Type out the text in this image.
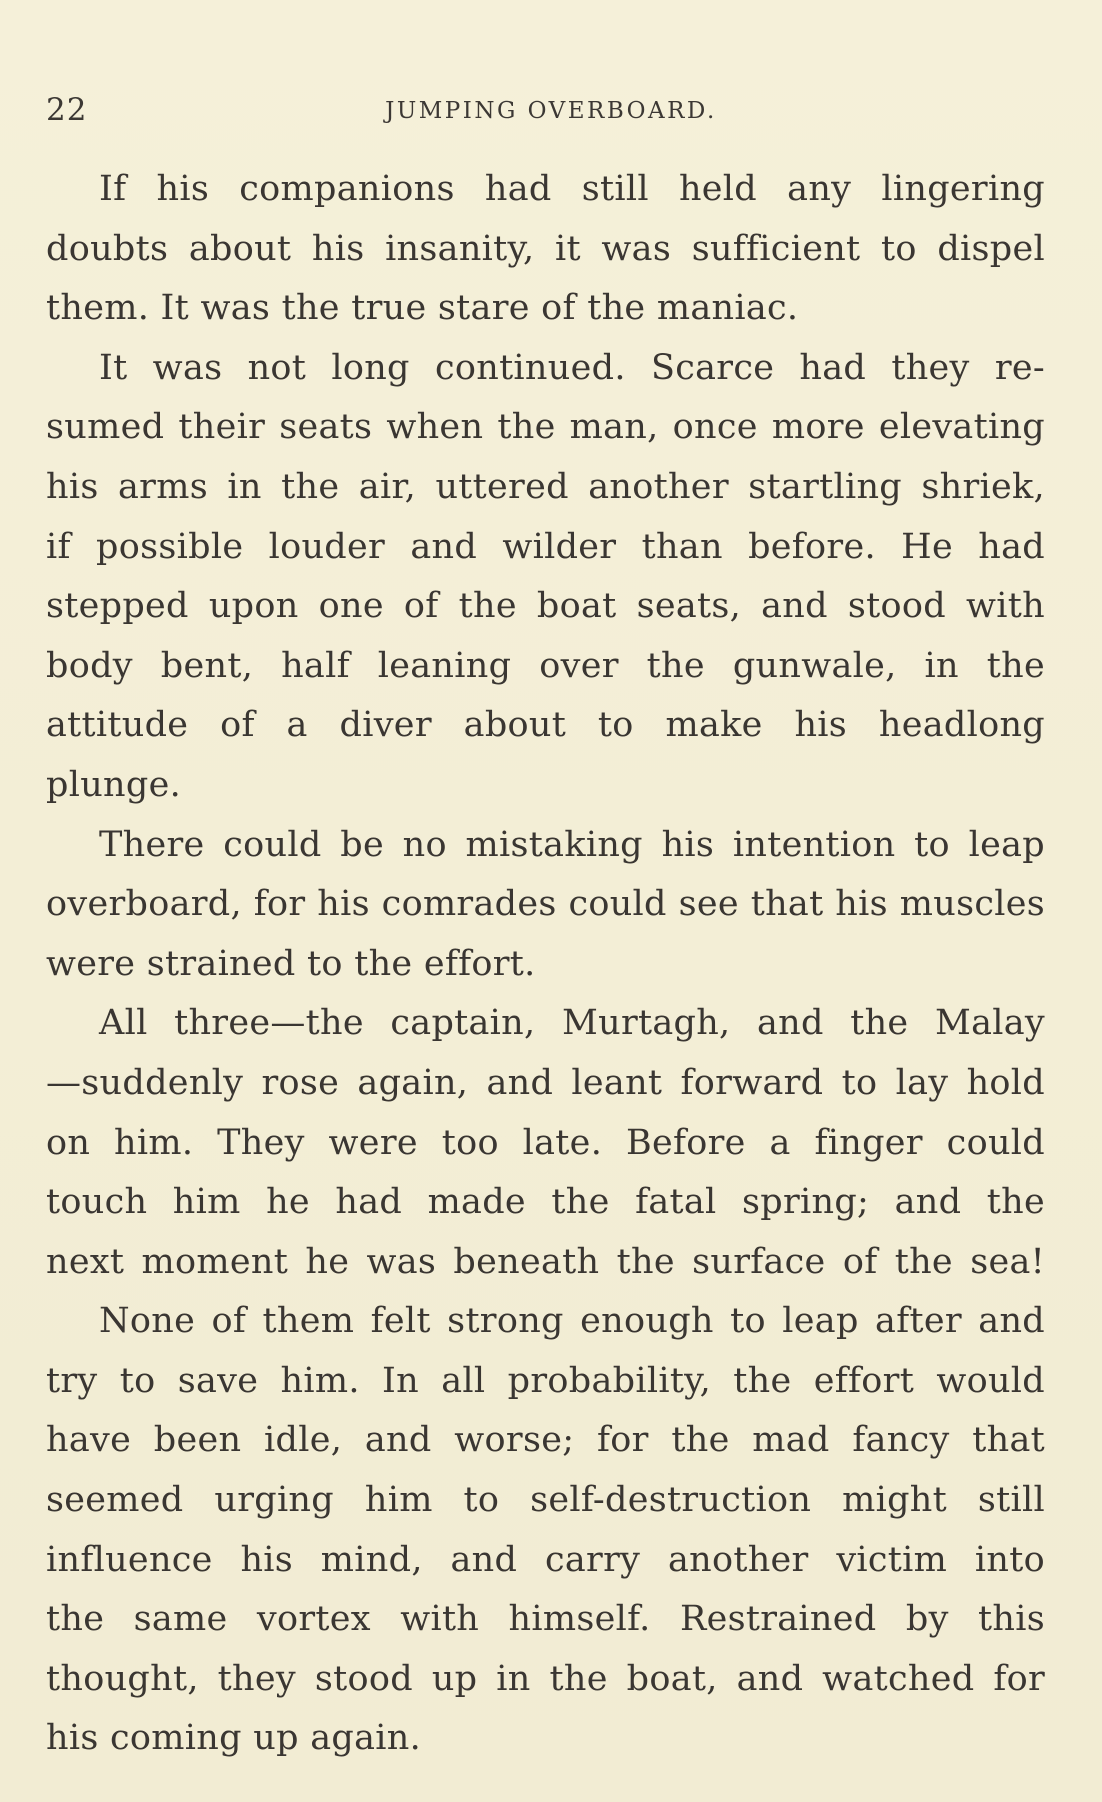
22	JUMPING OVERBOARD.
If his companions had still held any lingering
doubts about his insanity, it was sufficient to dispel
them. It was the true stare of the maniac.
It was not long continued. Scarce had they re-
sumed their seats when the man, once more elevating
his arms in the air, uttered another startling shriek,
if possible louder and wilder than before. He had
stepped upon one of the boat seats, and stood with
body bent, half leaning over the gunwale, in the
attitude of a diver about to make his headlong
plunge.
There could be no mistaking his intention to leap
overboard, for his comrades could see that his muscles
were strained to the effort.
All three—the captain, Murtagh, and the Malay
—suddenly rose again, and leant forward to lay hold
on him. They were too late. Before a finger could
touch him he had made the fatal spring; and the
next moment he was beneath the surface of the sea!
None of them felt strong enough to leap after and
try to save him. In all probability, the effort would
have been idle, and worse; for the mad fancy that
seemed urging him to self-destruction might still
influence his mind, and carry another victim into
the same vortex with himself. Restrained by this
thought, they stood up in the boat, and watched for
his coming up again.
